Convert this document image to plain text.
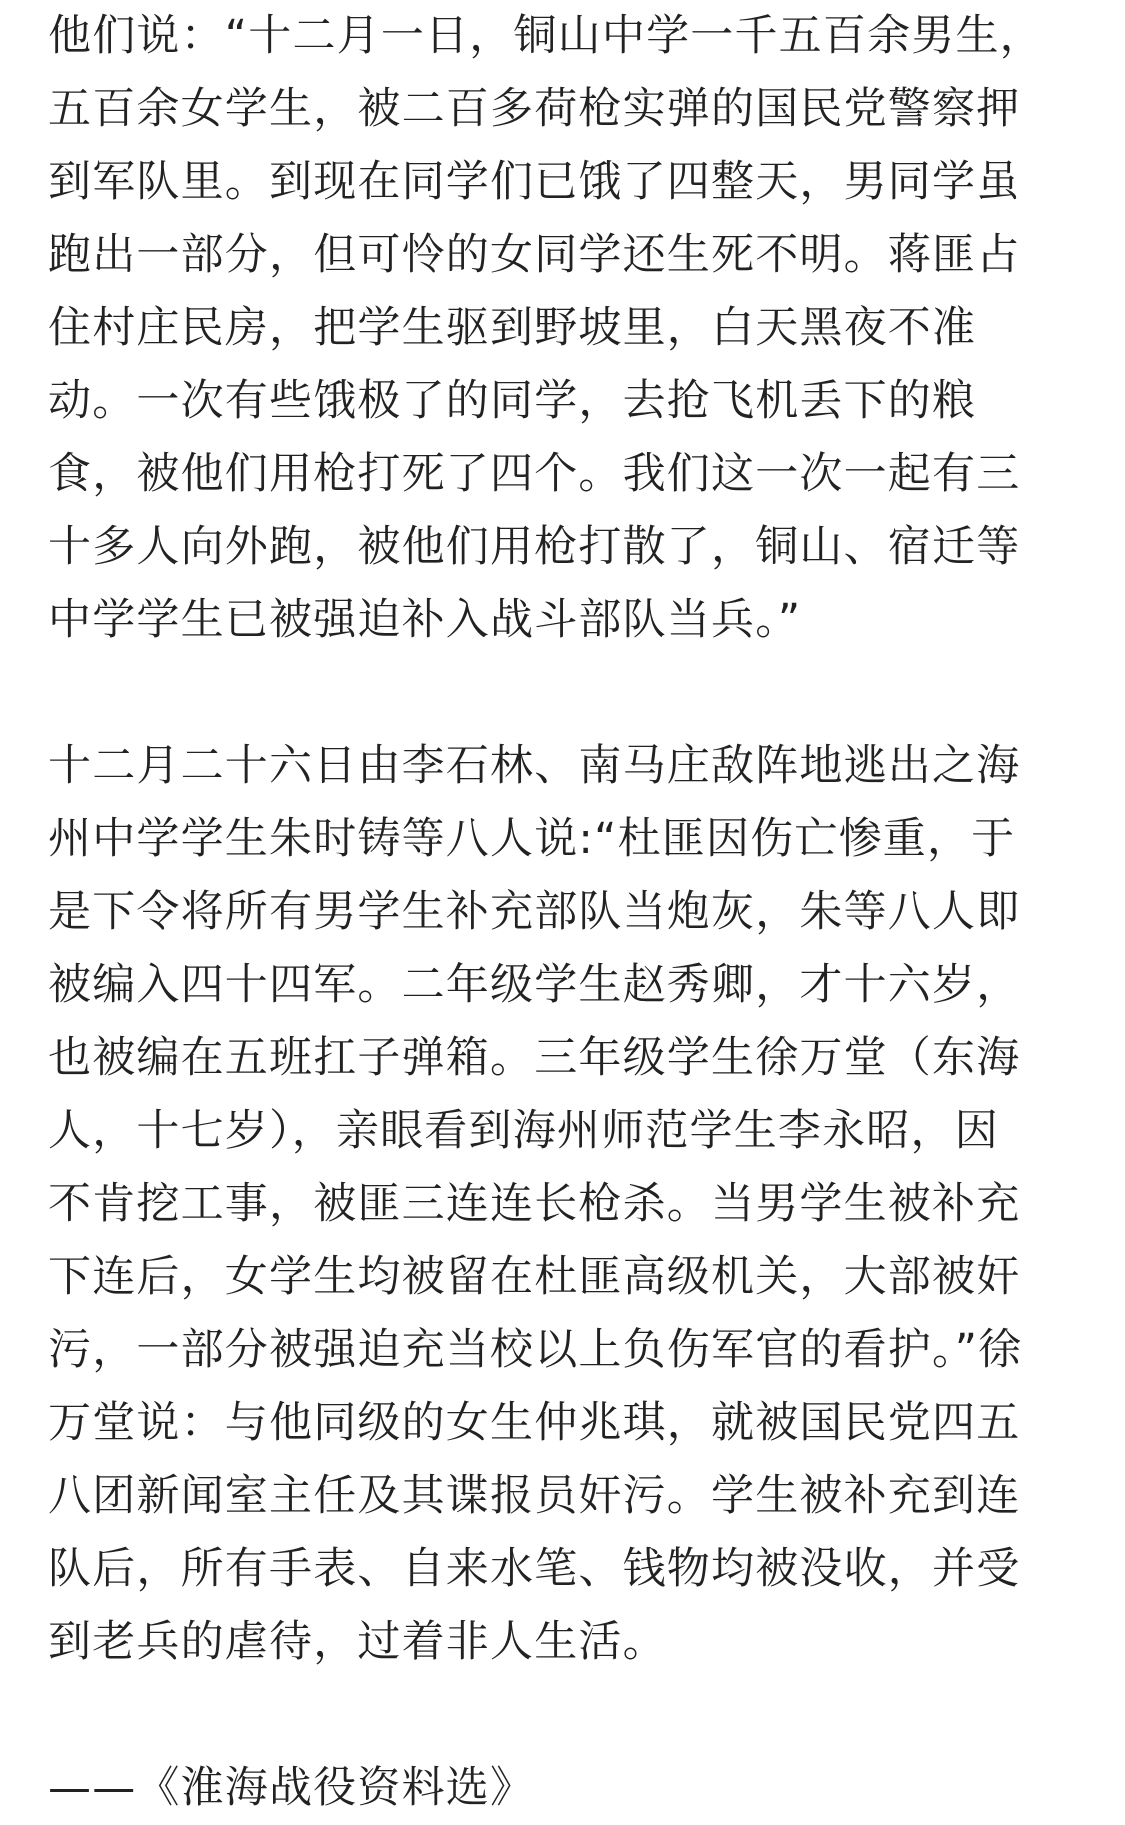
他们说：“十二月一日，铜山中学一千五百余男生，
五百余女学生，被二百多荷枪实弹的国民党警察押
到军队里。到现在同学们已饿了四整天，男同学虽
跑出一部分，但可怜的女同学还生死不明。蒋匪占
住村庄民房，把学生驱到野坡里，白天黑夜不准
动。一次有些饿极了的同学，去抢飞机丢下的粮
食，被他们用枪打死了四个。我们这一次一起有三
十多人向外跑，被他们用枪打散了，铜山、宿迁等
中学学生已被强迫补入战斗部队当兵。”

十二月二十六日由李石林、南马庄敌阵地逃出之海
州中学学生朱时铸等八人说:“杜匪因伤亡惨重，于
是下令将所有男学生补充部队当炮灰，朱等八人即
被编入四十四军。二年级学生赵秀卿，才十六岁，
也被编在五班扛子弹箱。三年级学生徐万堂（东海
人，十七岁），亲眼看到海州师范学生李永昭，因
不肯挖工事，被匪三连连长枪杀。当男学生被补充
下连后，女学生均被留在杜匪高级机关，大部被奸
污，一部分被强迫充当校以上负伤军官的看护。”徐
万堂说：与他同级的女生仲兆琪，就被国民党四五
八团新闻室主任及其谍报员奸污。学生被补充到连
队后，所有手表、自来水笔、钱物均被没收，并受
到老兵的虐待，过着非人生活。

——《淮海战役资料选》
